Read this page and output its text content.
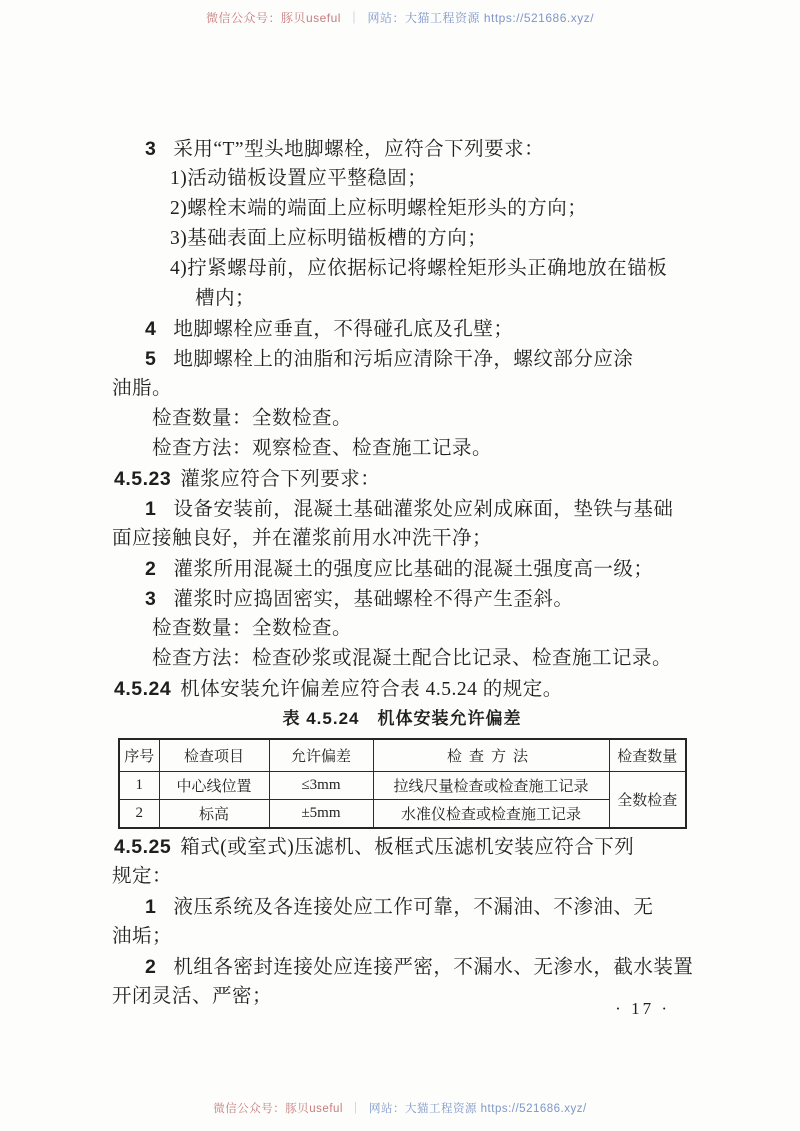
微信公众号：豚贝useful ｜ 网站：大猫工程资源 https://521686.xyz/
3 采用“T”型头地脚螺栓，应符合下列要求：
1)活动锚板设置应平整稳固；
2)螺栓末端的端面上应标明螺栓矩形头的方向；
3)基础表面上应标明锚板槽的方向；
4)拧紧螺母前，应依据标记将螺栓矩形头正确地放在锚板
槽内；
4 地脚螺栓应垂直，不得碰孔底及孔壁；
5 地脚螺栓上的油脂和污垢应清除干净，螺纹部分应涂
油脂。
检查数量：全数检查。
检查方法：观察检查、检查施工记录。
4.5.23 灌浆应符合下列要求：
1 设备安装前，混凝土基础灌浆处应剁成麻面，垫铁与基础
面应接触良好，并在灌浆前用水冲洗干净；
2 灌浆所用混凝土的强度应比基础的混凝土强度高一级；
3 灌浆时应捣固密实，基础螺栓不得产生歪斜。
检查数量：全数检查。
检查方法：检查砂浆或混凝土配合比记录、检查施工记录。
4.5.24 机体安装允许偏差应符合表 4.5.24 的规定。
表 4.5.24　机体安装允许偏差
序号	检查项目	允许偏差	检查方法	检查数量
1	中心线位置	≤3mm	拉线尺量检查或检查施工记录	全数检查
2	标高	±5mm	水准仪检查或检查施工记录	
4.5.25 箱式(或室式)压滤机、板框式压滤机安装应符合下列
规定：
1 液压系统及各连接处应工作可靠，不漏油、不渗油、无
油垢；
2 机组各密封连接处应连接严密，不漏水、无渗水，截水装置
开闭灵活、严密；
· 17 ·
微信公众号：豚贝useful ｜ 网站：大猫工程资源 https://521686.xyz/
